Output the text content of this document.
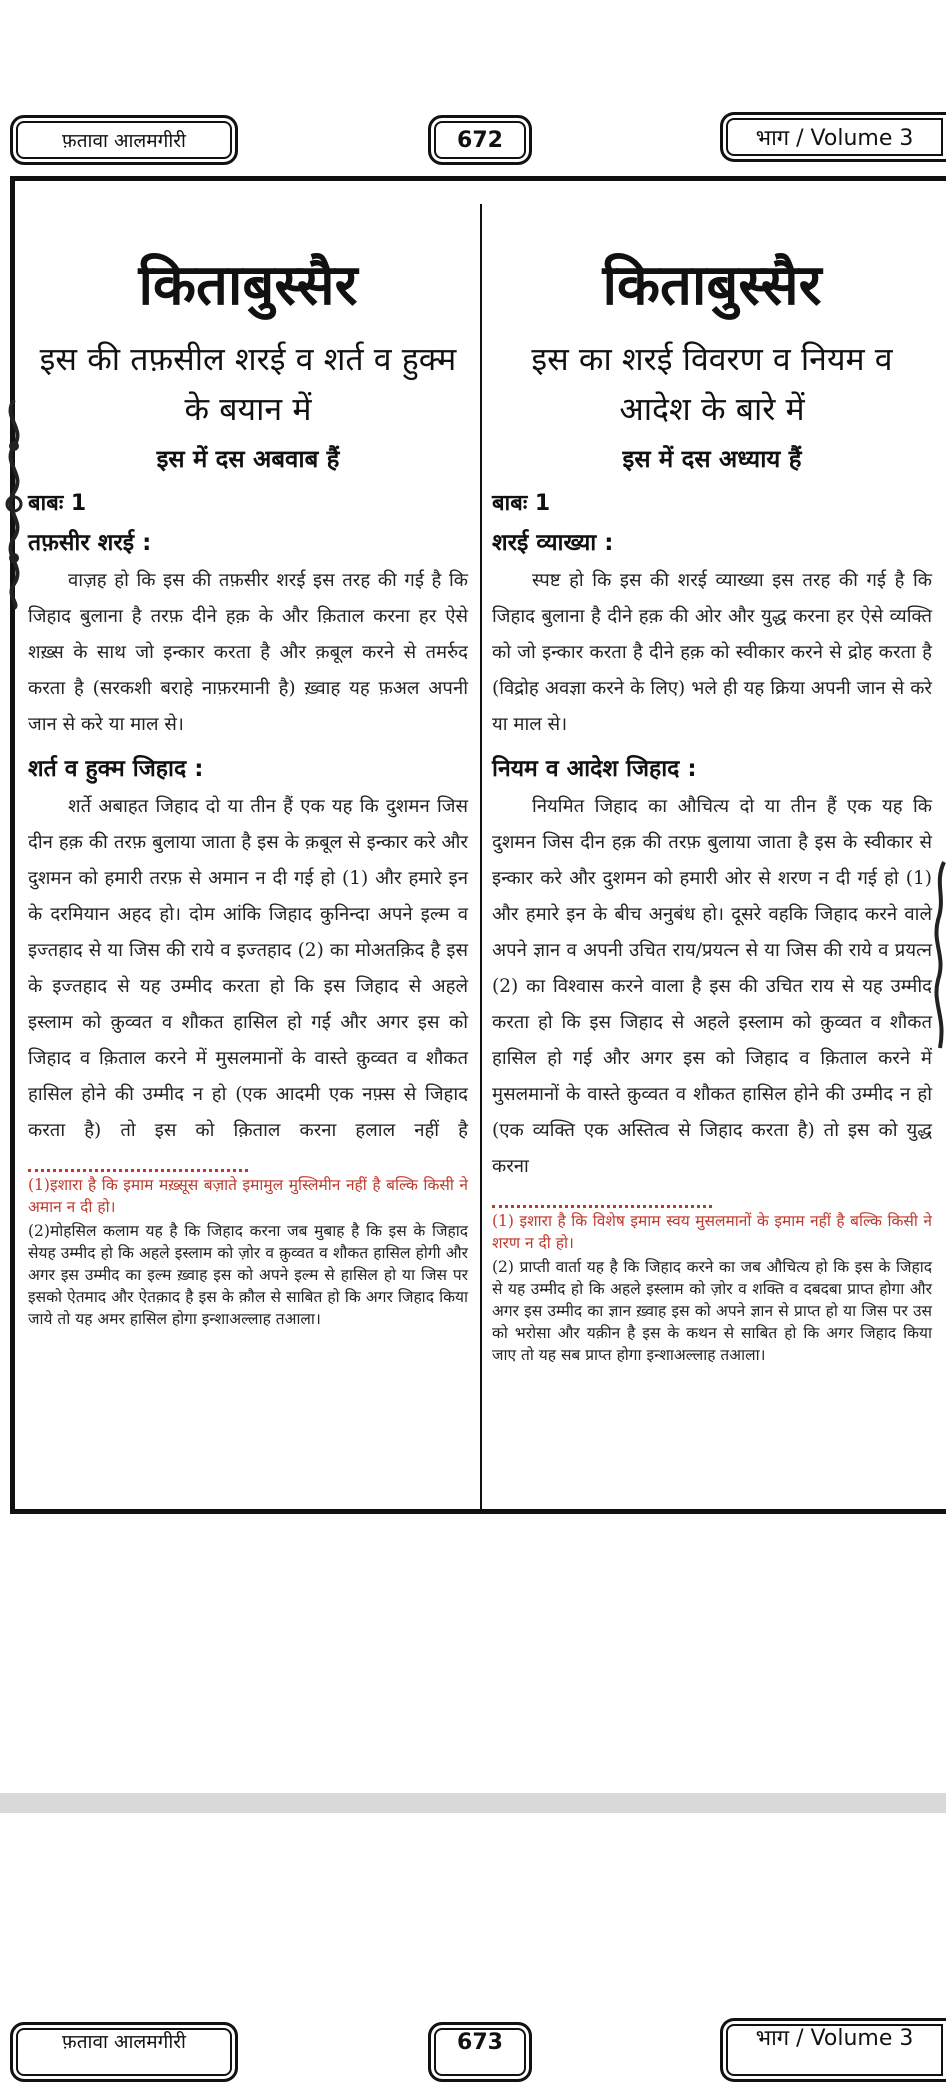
फ़तावा आलमगीरी	672	भाग / Volume 3
किताबुस्सैर
इस की तफ़सील शरई व शर्त व हुक्म के बयान में
इस में दस अबवाब हैं
बाबः 1
तफ़सीर शरई :
वाज़ह हो कि इस की तफ़सीर शरई इस तरह की गई है कि जिहाद बुलाना है तरफ़ दीने हक़ के और क़िताल करना हर ऐसे शख़्स के साथ जो इन्कार करता है और क़बूल करने से तमर्रुद करता है (सरकशी बराहे नाफ़रमानी है) ख़्वाह यह फ़अल अपनी जान से करे या माल से।
शर्त व हुक्म जिहाद :
शर्ते अबाहत जिहाद दो या तीन हैं एक यह कि दुशमन जिस दीन हक़ की तरफ़ बुलाया जाता है इस के क़बूल से इन्कार करे और दुशमन को हमारी तरफ़ से अमान न दी गई हो (1) और हमारे इन के दरमियान अहद हो। दोम आंकि जिहाद कुनिन्दा अपने इल्म व इज्तहाद से या जिस की राये व इज्तहाद (2) का मोअतक़िद है इस के इज्तहाद से यह उम्मीद करता हो कि इस जिहाद से अहले इस्लाम को क़ुव्वत व शौकत हासिल हो गई और अगर इस को जिहाद व क़िताल करने में मुसलमानों के वास्ते क़ुव्वत व शौकत हासिल होने की उम्मीद न हो (एक आदमी एक नफ़्स से जिहाद करता है) तो इस को क़िताल करना हलाल नहीं है
(1)इशारा है कि इमाम मख़्सूस बज़ाते इमामुल मुस्लिमीन नहीं है बल्कि किसी ने अमान न दी हो।
(2)मोहसिल कलाम यह है कि जिहाद करना जब मुबाह है कि इस के जिहाद सेयह उम्मीद हो कि अहले इस्लाम को ज़ोर व क़ुव्वत व शौकत हासिल होगी और अगर इस उम्मीद का इल्म ख़्वाह इस को अपने इल्म से हासिल हो या जिस पर इसको ऐतमाद और ऐतक़ाद है इस के क़ौल से साबित हो कि अगर जिहाद किया जाये तो यह अमर हासिल होगा इन्शाअल्लाह तआला।
किताबुस्सैर
इस का शरई विवरण व नियम व आदेश के बारे में
इस में दस अध्याय हैं
बाबः 1
शरई व्याख्या :
स्पष्ट हो कि इस की शरई व्याख्या इस तरह की गई है कि जिहाद बुलाना है दीने हक़ की ओर और युद्ध करना हर ऐसे व्यक्ति को जो इन्कार करता है दीने हक़ को स्वीकार करने से द्रोह करता है (विद्रोह अवज्ञा करने के लिए) भले ही यह क्रिया अपनी जान से करे या माल से।
नियम व आदेश जिहाद :
नियमित जिहाद का औचित्य दो या तीन हैं एक यह कि दुशमन जिस दीन हक़ की तरफ़ बुलाया जाता है इस के स्वीकार से इन्कार करे और दुशमन को हमारी ओर से शरण न दी गई हो (1) और हमारे इन के बीच अनुबंध हो। दूसरे वहकि जिहाद करने वाले अपने ज्ञान व अपनी उचित राय/प्रयत्न से या जिस की राये व प्रयत्न (2) का विश्वास करने वाला है इस की उचित राय से यह उम्मीद करता हो कि इस जिहाद से अहले इस्लाम को क़ुव्वत व शौकत हासिल हो गई और अगर इस को जिहाद व क़िताल करने में मुसलमानों के वास्ते क़ुव्वत व शौकत हासिल होने की उम्मीद न हो (एक व्यक्ति एक अस्तित्व से जिहाद करता है) तो इस को युद्ध करना
(1) इशारा है कि विशेष इमाम स्वय मुसलमानों के इमाम नहीं है बल्कि किसी ने शरण न दी हो।
(2) प्राप्ती वार्ता यह है कि जिहाद करने का जब औचित्य हो कि इस के जिहाद से यह उम्मीद हो कि अहले इस्लाम को ज़ोर व शक्ति व दबदबा प्राप्त होगा और अगर इस उम्मीद का ज्ञान ख़्वाह इस को अपने ज्ञान से प्राप्त हो या जिस पर उस को भरोसा और यक़ीन है इस के कथन से साबित हो कि अगर जिहाद किया जाए तो यह सब प्राप्त होगा इन्शाअल्लाह तआला।
फ़तावा आलमगीरी	673	भाग / Volume 3
